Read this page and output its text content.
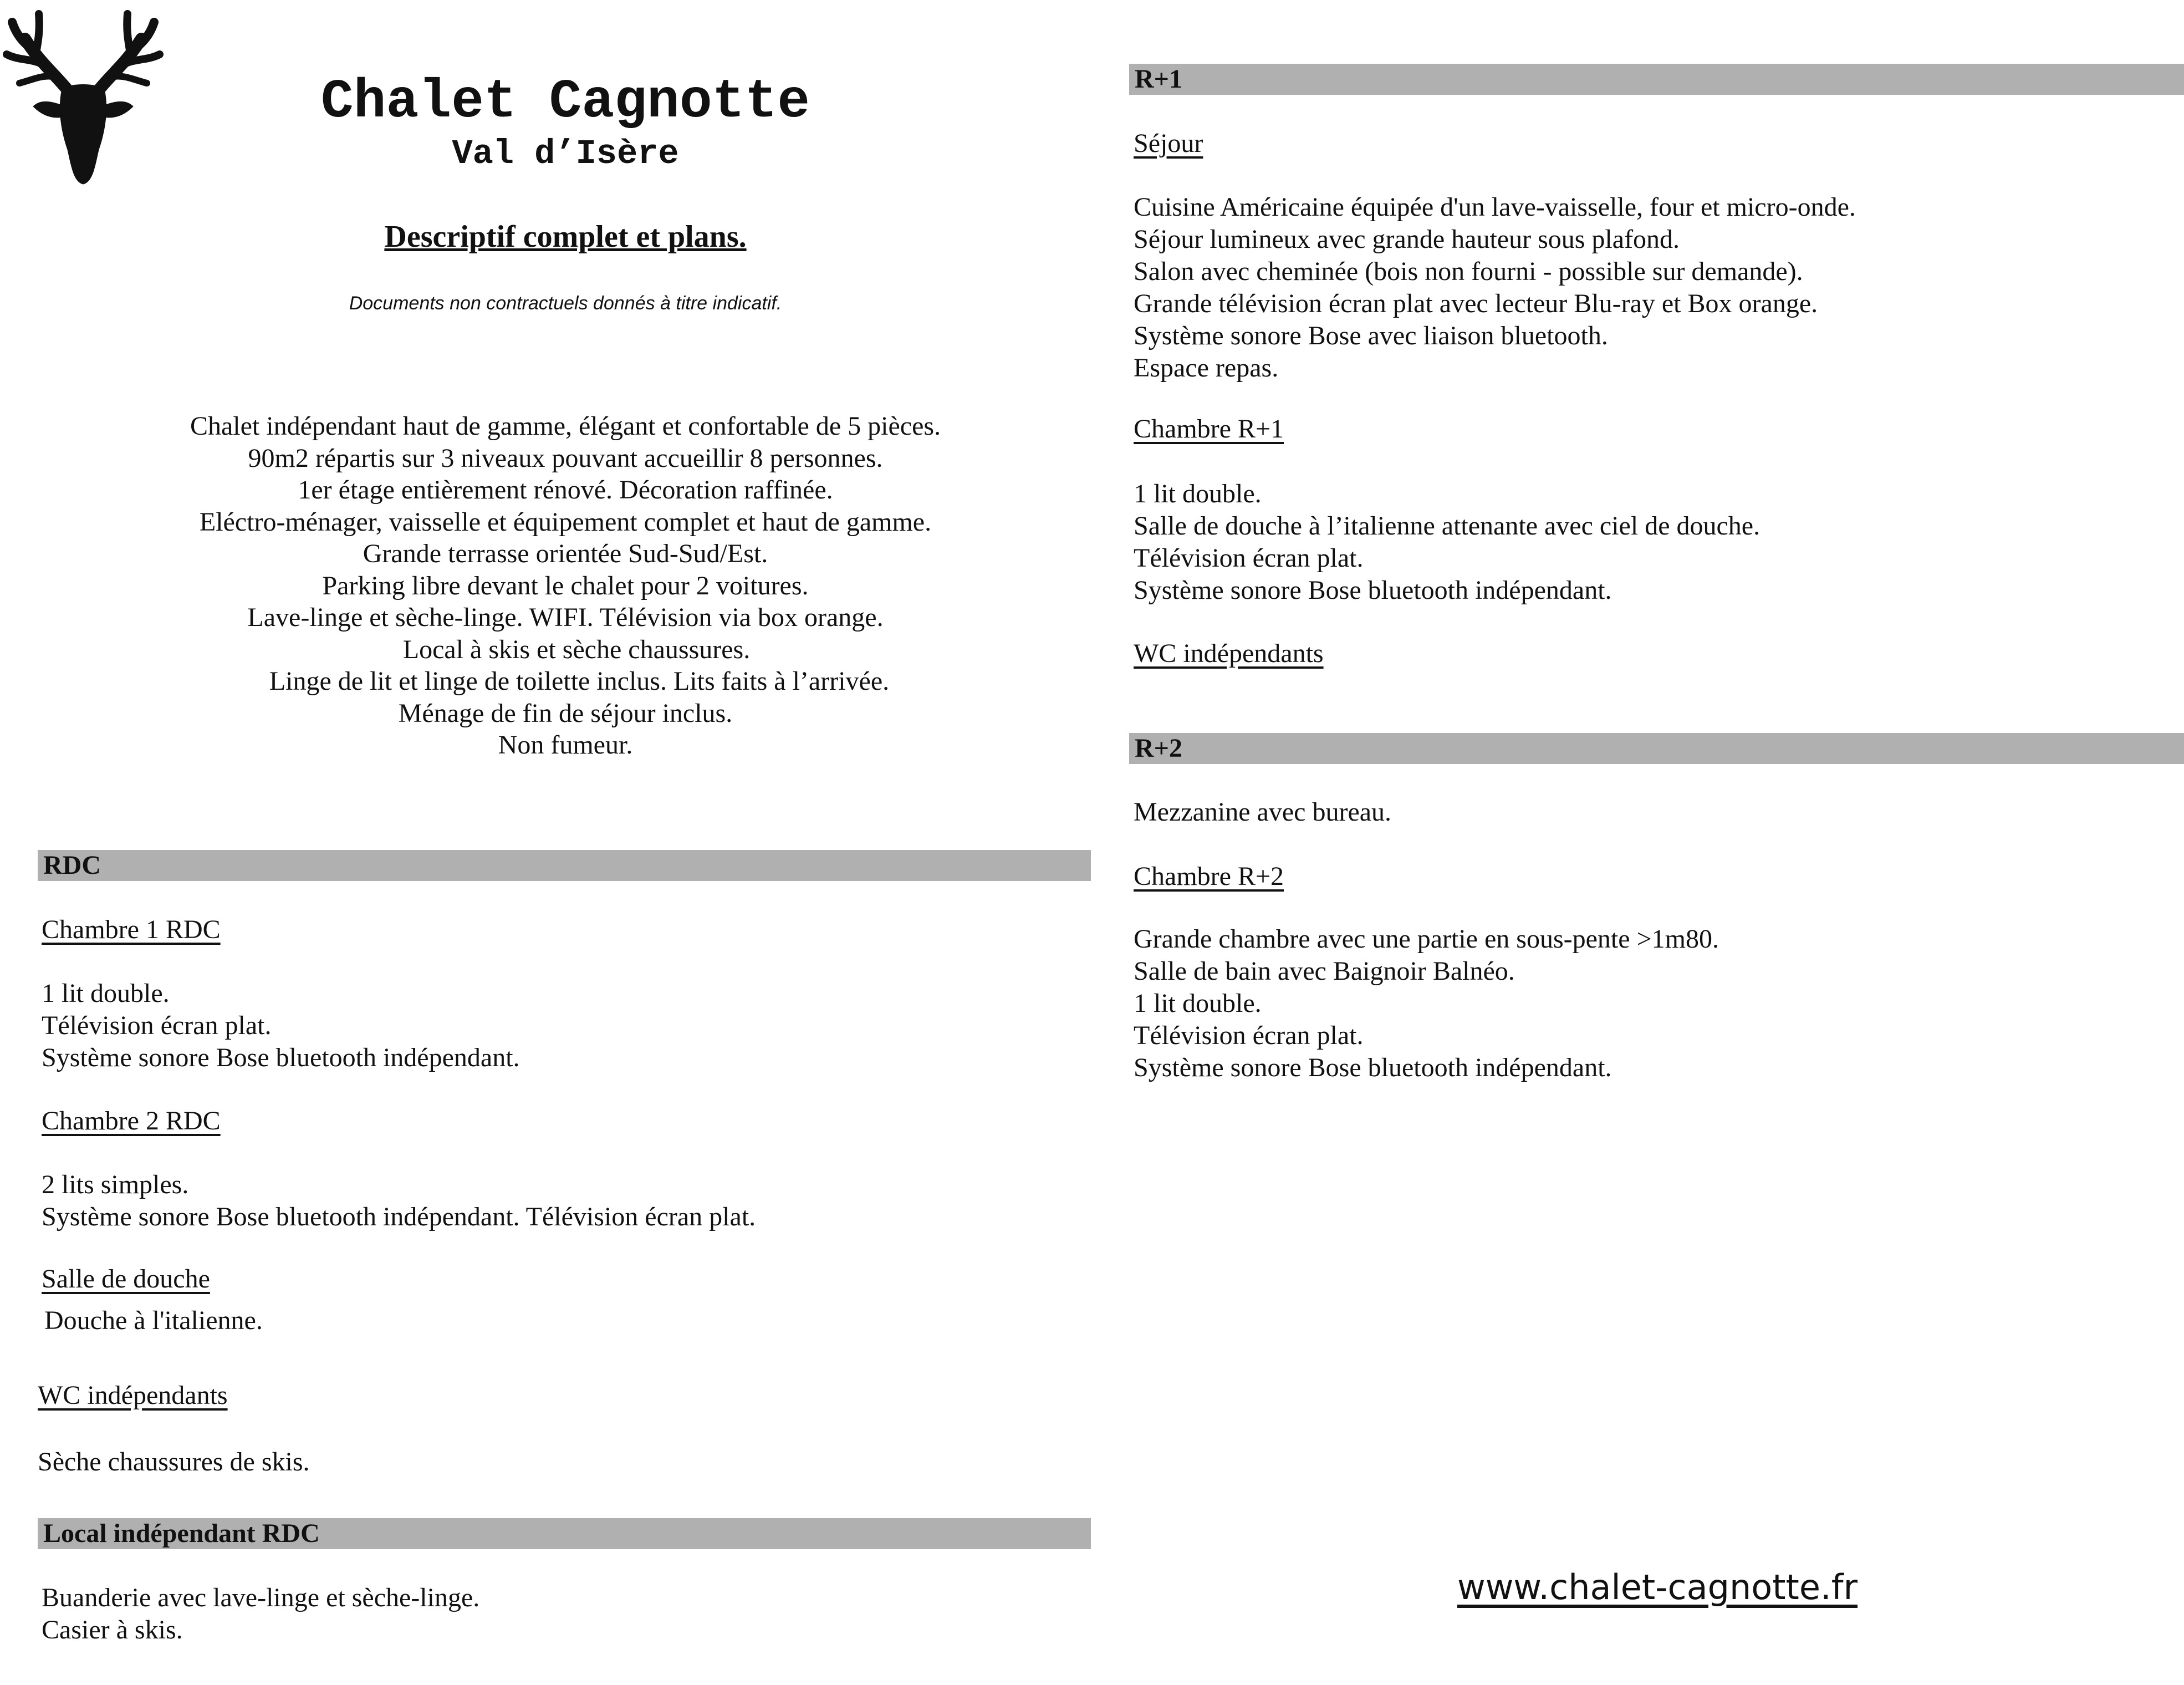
Chalet Cagnotte
Val d’Isère
Descriptif complet et plans.
Documents non contractuels donnés à titre indicatif.
Chalet indépendant haut de gamme, élégant et confortable de 5 pièces.
90m2 répartis sur 3 niveaux pouvant accueillir 8 personnes.
1er étage entièrement rénové. Décoration raffinée.
Eléctro-ménager, vaisselle et équipement complet et haut de gamme.
Grande terrasse orientée Sud-Sud/Est.
Parking libre devant le chalet pour 2 voitures.
Lave-linge et sèche-linge. WIFI. Télévision via box orange.
Local à skis et sèche chaussures.
Linge de lit et linge de toilette inclus. Lits faits à l’arrivée.
Ménage de fin de séjour inclus.
Non fumeur.
RDC
Chambre 1 RDC
1 lit double.
Télévision écran plat.
Système sonore Bose bluetooth indépendant.
Chambre 2 RDC
2 lits simples.
Système sonore Bose bluetooth indépendant. Télévision écran plat.
Salle de douche
Douche à l'italienne.
WC indépendants
Sèche chaussures de skis.
Local indépendant RDC
Buanderie avec lave-linge et sèche-linge.
Casier à skis.
R+1
Séjour
Cuisine Américaine équipée d'un lave-vaisselle, four et micro-onde.
Séjour lumineux avec grande hauteur sous plafond.
Salon avec cheminée (bois non fourni - possible sur demande).
Grande télévision écran plat avec lecteur Blu-ray et Box orange.
Système sonore Bose avec liaison bluetooth.
Espace repas.
Chambre R+1
1 lit double.
Salle de douche à l’italienne attenante avec ciel de douche.
Télévision écran plat.
Système sonore Bose bluetooth indépendant.
WC indépendants
R+2
Mezzanine avec bureau.
Chambre R+2
Grande chambre avec une partie en sous-pente >1m80.
Salle de bain avec Baignoir Balnéo.
1 lit double.
Télévision écran plat.
Système sonore Bose bluetooth indépendant.
www.chalet-cagnotte.fr
